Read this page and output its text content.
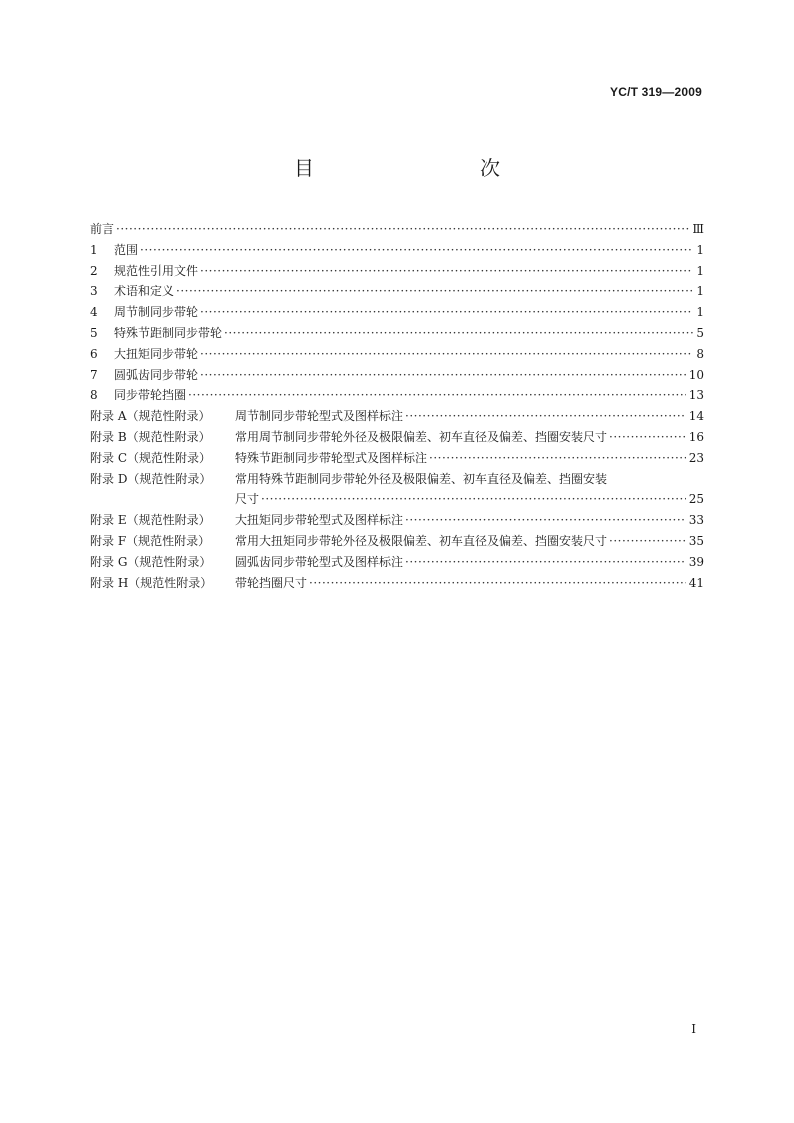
YC/T 319—2009
目　　次
前言 ·····	Ⅲ
1	范围 ·····	1
2	规范性引用文件 ·····	1
3	术语和定义 ·····	1
4	周节制同步带轮 ·····	1
5	特殊节距制同步带轮 ·····	5
6	大扭矩同步带轮 ·····	8
7	圆弧齿同步带轮 ·····	10
8	同步带轮挡圈 ·····	13
附录 A（规范性附录）	周节制同步带轮型式及图样标注 ·····	14
附录 B（规范性附录）	常用周节制同步带轮外径及极限偏差、初车直径及偏差、挡圈安装尺寸 ·····	16
附录 C（规范性附录）	特殊节距制同步带轮型式及图样标注 ·····	23
附录 D（规范性附录）	常用特殊节距制同步带轮外径及极限偏差、初车直径及偏差、挡圈安装
尺寸 ·····	25
附录 E（规范性附录）	大扭矩同步带轮型式及图样标注 ·····	33
附录 F（规范性附录）	常用大扭矩同步带轮外径及极限偏差、初车直径及偏差、挡圈安装尺寸 ·····	35
附录 G（规范性附录）	圆弧齿同步带轮型式及图样标注 ·····	39
附录 H（规范性附录）	带轮挡圈尺寸 ·····	41
I
